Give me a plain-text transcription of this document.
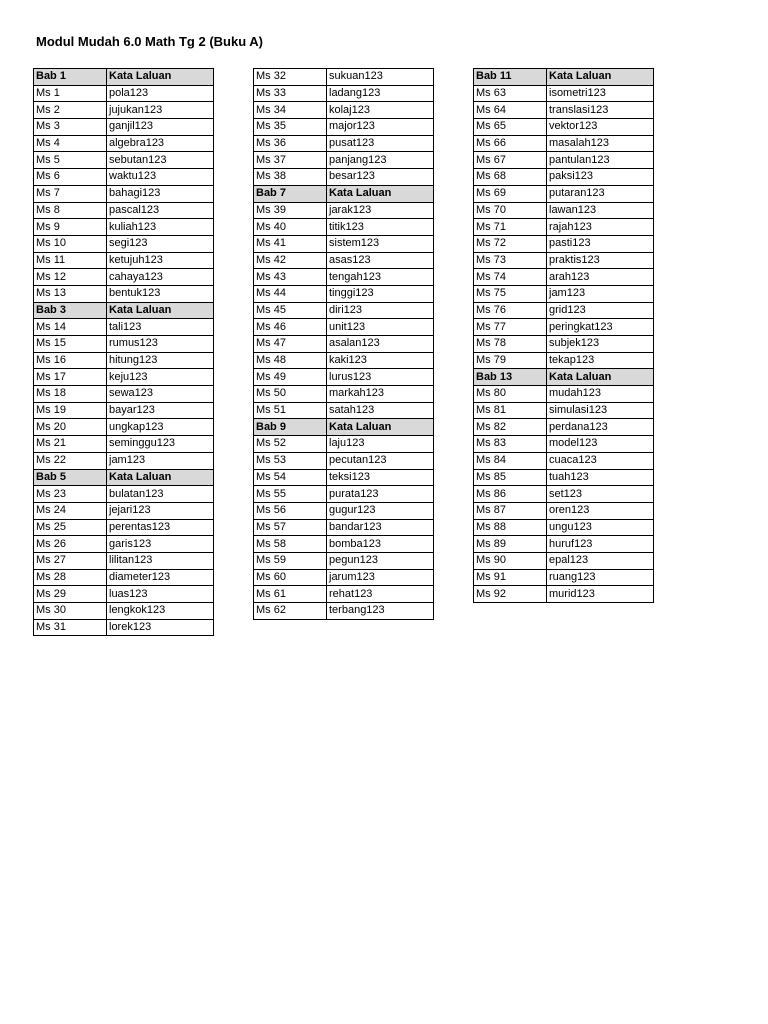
Modul Mudah 6.0 Math Tg 2 (Buku A)
Bab 1	Kata Laluan
Ms 1	pola123
Ms 2	jujukan123
Ms 3	ganjil123
Ms 4	algebra123
Ms 5	sebutan123
Ms 6	waktu123
Ms 7	bahagi123
Ms 8	pascal123
Ms 9	kuliah123
Ms 10	segi123
Ms 11	ketujuh123
Ms 12	cahaya123
Ms 13	bentuk123
Bab 3	Kata Laluan
Ms 14	tali123
Ms 15	rumus123
Ms 16	hitung123
Ms 17	keju123
Ms 18	sewa123
Ms 19	bayar123
Ms 20	ungkap123
Ms 21	seminggu123
Ms 22	jam123
Bab 5	Kata Laluan
Ms 23	bulatan123
Ms 24	jejari123
Ms 25	perentas123
Ms 26	garis123
Ms 27	lilitan123
Ms 28	diameter123
Ms 29	luas123
Ms 30	lengkok123
Ms 31	lorek123
Ms 32	sukuan123
Ms 33	ladang123
Ms 34	kolaj123
Ms 35	major123
Ms 36	pusat123
Ms 37	panjang123
Ms 38	besar123
Bab 7	Kata Laluan
Ms 39	jarak123
Ms 40	titik123
Ms 41	sistem123
Ms 42	asas123
Ms 43	tengah123
Ms 44	tinggi123
Ms 45	diri123
Ms 46	unit123
Ms 47	asalan123
Ms 48	kaki123
Ms 49	lurus123
Ms 50	markah123
Ms 51	satah123
Bab 9	Kata Laluan
Ms 52	laju123
Ms 53	pecutan123
Ms 54	teksi123
Ms 55	purata123
Ms 56	gugur123
Ms 57	bandar123
Ms 58	bomba123
Ms 59	pegun123
Ms 60	jarum123
Ms 61	rehat123
Ms 62	terbang123
Bab 11	Kata Laluan
Ms 63	isometri123
Ms 64	translasi123
Ms 65	vektor123
Ms 66	masalah123
Ms 67	pantulan123
Ms 68	paksi123
Ms 69	putaran123
Ms 70	lawan123
Ms 71	rajah123
Ms 72	pasti123
Ms 73	praktis123
Ms 74	arah123
Ms 75	jam123
Ms 76	grid123
Ms 77	peringkat123
Ms 78	subjek123
Ms 79	tekap123
Bab 13	Kata Laluan
Ms 80	mudah123
Ms 81	simulasi123
Ms 82	perdana123
Ms 83	model123
Ms 84	cuaca123
Ms 85	tuah123
Ms 86	set123
Ms 87	oren123
Ms 88	ungu123
Ms 89	huruf123
Ms 90	epal123
Ms 91	ruang123
Ms 92	murid123
